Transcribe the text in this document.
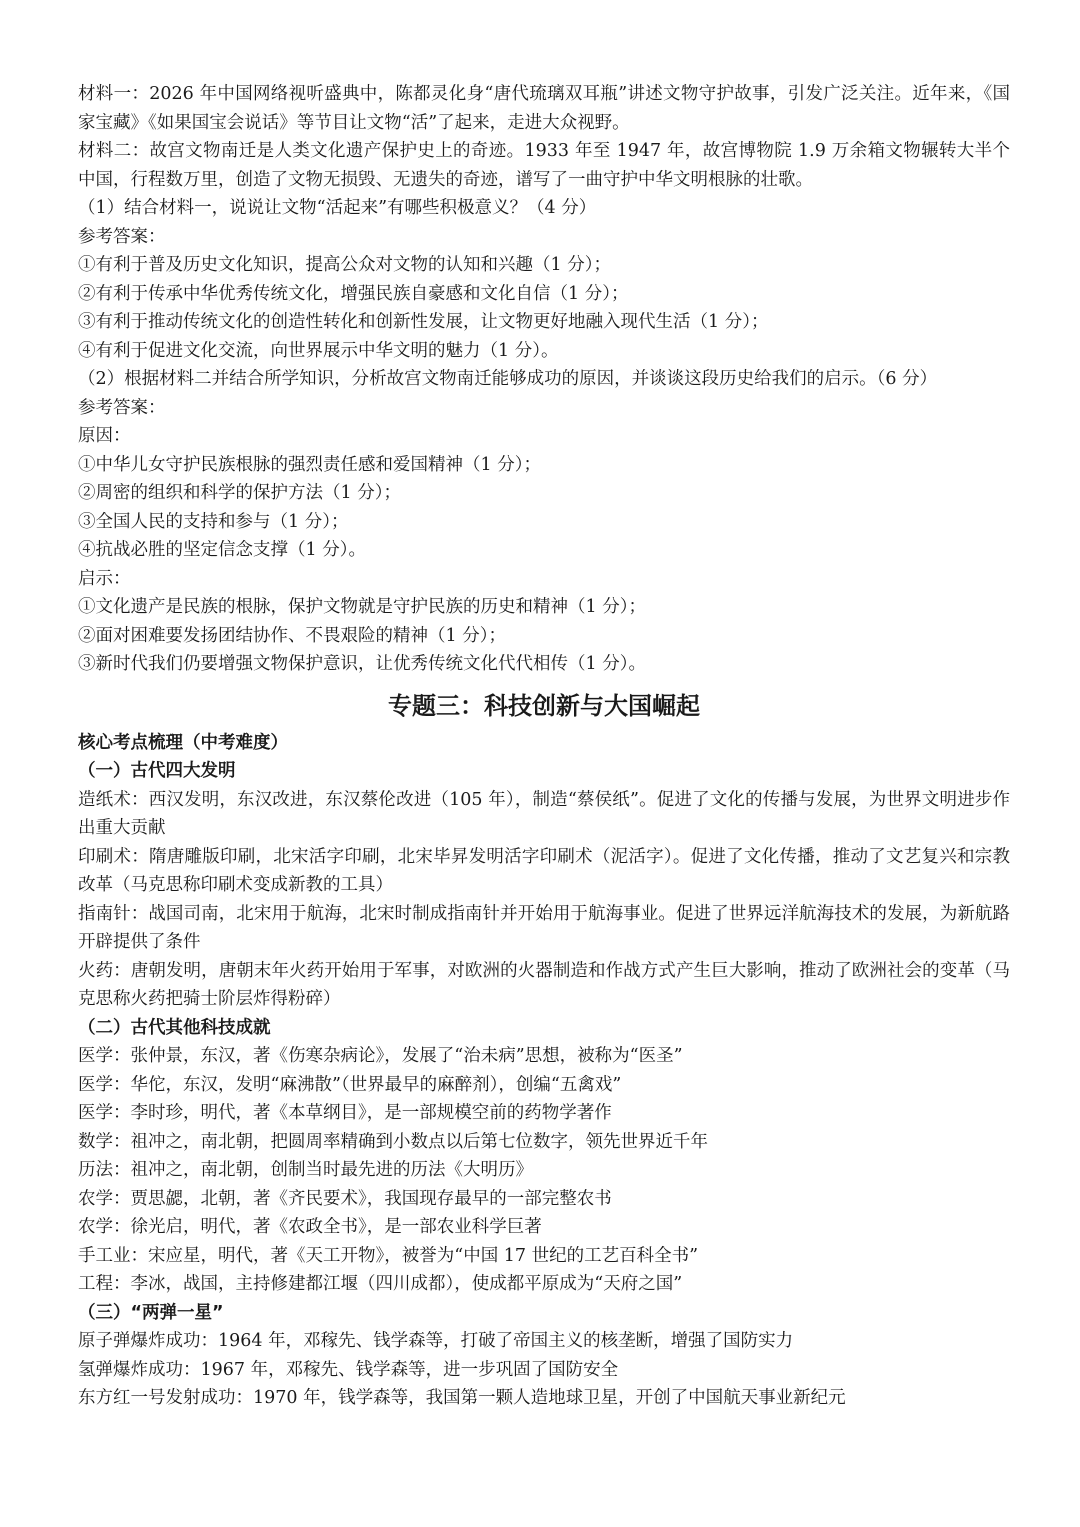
材料一：2026 年中国网络视听盛典中，陈都灵化身“唐代琉璃双耳瓶”讲述文物守护故事，引发广泛关注。近年来，《国家宝藏》《如果国宝会说话》等节目让文物“活”了起来，走进大众视野。
材料二：故宫文物南迁是人类文化遗产保护史上的奇迹。1933 年至 1947 年，故宫博物院 1.9 万余箱文物辗转大半个中国，行程数万里，创造了文物无损毁、无遗失的奇迹，谱写了一曲守护中华文明根脉的壮歌。
（1）结合材料一，说说让文物“活起来”有哪些积极意义？（4 分）
参考答案：
①有利于普及历史文化知识，提高公众对文物的认知和兴趣（1 分）；
②有利于传承中华优秀传统文化，增强民族自豪感和文化自信（1 分）；
③有利于推动传统文化的创造性转化和创新性发展，让文物更好地融入现代生活（1 分）；
④有利于促进文化交流，向世界展示中华文明的魅力（1 分）。
（2）根据材料二并结合所学知识，分析故宫文物南迁能够成功的原因，并谈谈这段历史给我们的启示。（6 分）
参考答案：
原因：
①中华儿女守护民族根脉的强烈责任感和爱国精神（1 分）；
②周密的组织和科学的保护方法（1 分）；
③全国人民的支持和参与（1 分）；
④抗战必胜的坚定信念支撑（1 分）。
启示：
①文化遗产是民族的根脉，保护文物就是守护民族的历史和精神（1 分）；
②面对困难要发扬团结协作、不畏艰险的精神（1 分）；
③新时代我们仍要增强文物保护意识，让优秀传统文化代代相传（1 分）。
专题三：科技创新与大国崛起
核心考点梳理（中考难度）
（一）古代四大发明
造纸术：西汉发明，东汉改进，东汉蔡伦改进（105 年），制造“蔡侯纸”。促进了文化的传播与发展，为世界文明进步作出重大贡献
印刷术：隋唐雕版印刷，北宋活字印刷，北宋毕昇发明活字印刷术（泥活字）。促进了文化传播，推动了文艺复兴和宗教改革（马克思称印刷术变成新教的工具）
指南针：战国司南，北宋用于航海，北宋时制成指南针并开始用于航海事业。促进了世界远洋航海技术的发展，为新航路开辟提供了条件
火药：唐朝发明，唐朝末年火药开始用于军事，对欧洲的火器制造和作战方式产生巨大影响，推动了欧洲社会的变革（马克思称火药把骑士阶层炸得粉碎）
（二）古代其他科技成就
医学：张仲景，东汉，著《伤寒杂病论》，发展了“治未病”思想，被称为“医圣”
医学：华佗，东汉，发明“麻沸散”（世界最早的麻醉剂），创编“五禽戏”
医学：李时珍，明代，著《本草纲目》，是一部规模空前的药物学著作
数学：祖冲之，南北朝，把圆周率精确到小数点以后第七位数字，领先世界近千年
历法：祖冲之，南北朝，创制当时最先进的历法《大明历》
农学：贾思勰，北朝，著《齐民要术》，我国现存最早的一部完整农书
农学：徐光启，明代，著《农政全书》，是一部农业科学巨著
手工业：宋应星，明代，著《天工开物》，被誉为“中国 17 世纪的工艺百科全书”
工程：李冰，战国，主持修建都江堰（四川成都），使成都平原成为“天府之国”
（三）“两弹一星”
原子弹爆炸成功：1964 年，邓稼先、钱学森等，打破了帝国主义的核垄断，增强了国防实力
氢弹爆炸成功：1967 年，邓稼先、钱学森等，进一步巩固了国防安全
东方红一号发射成功：1970 年，钱学森等，我国第一颗人造地球卫星，开创了中国航天事业新纪元
